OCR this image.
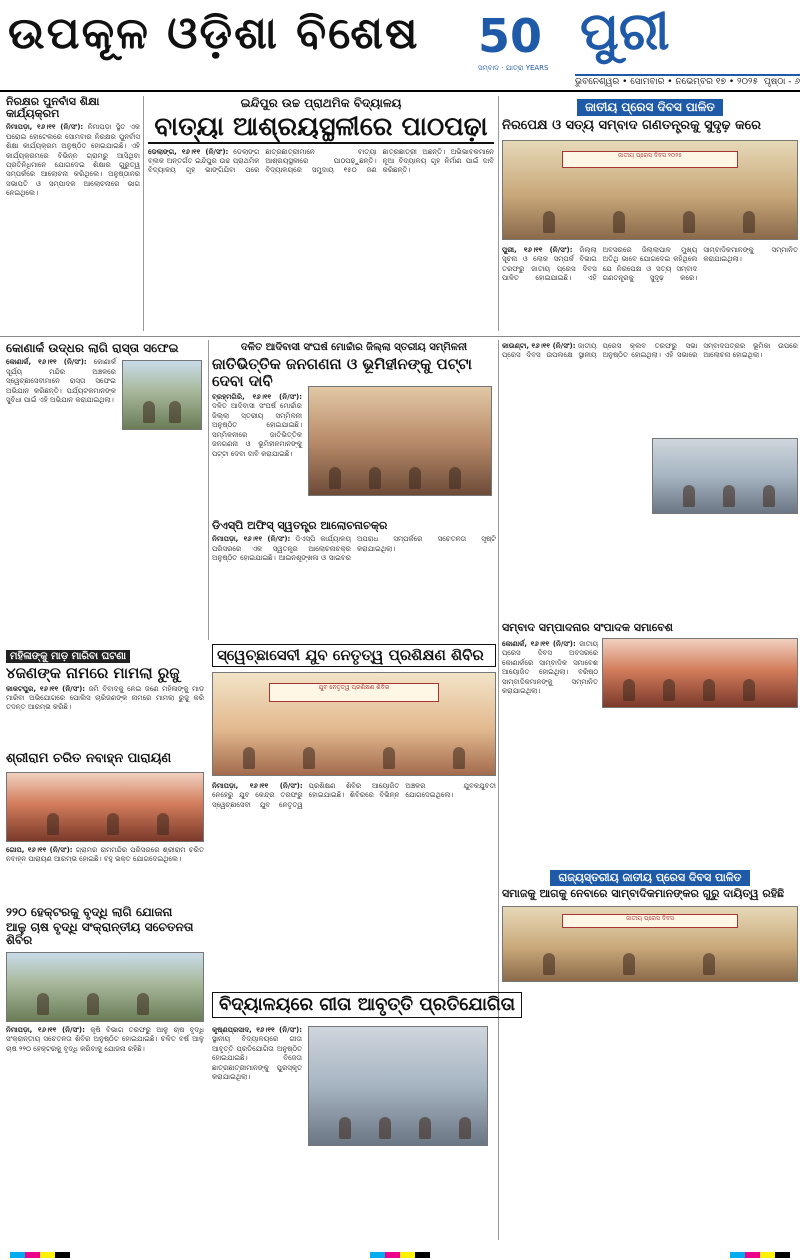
ଉପକୂଳ ଓଡ଼ିଶା ବିଶେଷ 50
ସମ୍ବାଦ · ଯାତ୍ରା YEARS
ପୁରୀ
ଭୁବନେଶ୍ୱର • ସୋମବାର • ନଭେମ୍ବର ୧୭ • ୨୦୨୫ ପୃଷ୍ଠା - ୬
ନିରକ୍ଷର ପୁନର୍ବାସ ଶିକ୍ଷା କାର୍ଯ୍ୟକ୍ରମ
ନିମାପଡ଼ା, ୧୬।୧୧ (ନି/ସଂ): ନିମାପଡ଼ା ସ୍ଥିତ ଏକ ଘରୋଇ ହୋଟେଲରେ ସୋମବାର ନିରକ୍ଷର ପୁନର୍ବାସ ଶିକ୍ଷା କାର୍ଯ୍ୟକ୍ରମ ଅନୁଷ୍ଠିତ ହୋଇଯାଇଛି। ଏହି କାର୍ଯ୍ୟକ୍ରମରେ ବିଭିନ୍ନ ଗ୍ରାମରୁ ଆସିଥିବା ପ୍ରତିନିଧିମାନେ ଯୋଗଦେଇ ଶିକ୍ଷାର ଗୁରୁତ୍ୱ ସମ୍ପର୍କରେ ଆଲୋଚନା କରିଥିଲେ। ଅନୁଷ୍ଠାନର ସଭାପତି ଓ ସମ୍ପାଦକ ଆଲୋଚନାରେ ଭାଗ ନେଇଥିଲେ।
ଇନ୍ଦିପୁର ଉଚ୍ଚ ପ୍ରାଥମିକ ବିଦ୍ୟାଳୟ
ବାତ୍ୟା ଆଶ୍ରୟସ୍ଥଳୀରେ ପାଠପଢ଼ା
ଡେଲାଙ୍ଗ, ୧୬।୧୧ (ନି/ସଂ): ଡେଲାଙ୍ଗ ବ୍ଲକ ଅନ୍ତର୍ଗତ ଇନ୍ଦିପୁର ଉଚ୍ଚ ପ୍ରାଥମିକ ବିଦ୍ୟାଳୟ ଗୃହ ଭାଙ୍ଗିଯିବା ପରେ ଛାତ୍ରଛାତ୍ରୀମାନେ ବାତ୍ୟା ଆଶ୍ରୟସ୍ଥଳୀରେ ପାଠପଢ଼ୁଛନ୍ତି। ବିଦ୍ୟାଳୟରେ ସମୁଦାୟ ୧୫୦ ଜଣ ଛାତ୍ରଛାତ୍ରୀ ଅଛନ୍ତି। ଅଭିଭାବକମାନେ ନୂଆ ବିଦ୍ୟାଳୟ ଗୃହ ନିର୍ମାଣ ପାଇଁ ଦାବି କରିଛନ୍ତି।
ଜାତୀୟ ପ୍ରେସ ଦିବସ ପାଳିତ
ନିରପେକ୍ଷ ଓ ସତ୍ୟ ସମ୍ବାଦ ଗଣତନ୍ତ୍ରକୁ ସୁଦୃଢ଼ କରେ
ଜାତୀୟ ପ୍ରେସ ଦିବସ ୨୦୨୫
ପୁରୀ, ୧୬।୧୧ (ନି/ସଂ): ଜିଲ୍ଲା ସୂଚନା ଓ ଲୋକ ସମ୍ପର୍କ ବିଭାଗ ତରଫରୁ ଜାତୀୟ ପ୍ରେସ ଦିବସ ପାଳିତ ହୋଇଯାଇଛି। ଏହି ଅବସରରେ ଜିଲ୍ଲାପାଳ ମୁଖ୍ୟ ଅତିଥି ଭାବେ ଯୋଗଦେଇ କହିଥିଲେ ଯେ ନିରପେକ୍ଷ ଓ ସତ୍ୟ ସମ୍ବାଦ ଗଣତନ୍ତ୍ରକୁ ସୁଦୃଢ଼ କରେ। ସାମ୍ବାଦିକମାନଙ୍କୁ ସମ୍ମାନିତ କରାଯାଇଥିଲା।
କୋଣାର୍କ ଉଦ୍ଧର ଲାଗି ରାସ୍ତା ସଫେଇ
କୋଣାର୍କ, ୧୬।୧୧ (ନି/ସଂ): କୋଣାର୍କ ସୂର୍ଯ୍ୟ ମନ୍ଦିର ଅଞ୍ଚଳରେ ସ୍ୱେଚ୍ଛାସେବୀମାନେ ରାସ୍ତା ସଫେଇ ଅଭିଯାନ କରିଛନ୍ତି। ପର୍ଯ୍ୟଟକମାନଙ୍କ ସୁବିଧା ପାଇଁ ଏହି ଅଭିଯାନ କରାଯାଇଥିଲା।
ଦଳିତ ଆଦିବାସୀ ସଂଘର୍ଷ ମୋର୍ଚ୍ଚାର ଜିଲ୍ଲା ସ୍ତରୀୟ ସମ୍ମିଳନୀ
ଜାତିଭିତ୍ତିକ ଜନଗଣନା ଓ ଭୂମିହୀନଙ୍କୁ ପଟ୍ଟା ଦେବା ଦାବି
ବ୍ରହ୍ମଗିରି, ୧୬।୧୧ (ନି/ସଂ): ଦଳିତ ଆଦିବାସୀ ସଂଘର୍ଷ ମୋର୍ଚ୍ଚାର ଜିଲ୍ଲା ସ୍ତରୀୟ ସମ୍ମିଳନୀ ଅନୁଷ୍ଠିତ ହୋଇଯାଇଛି। ସମ୍ମିଳନୀରେ ଜାତିଭିତ୍ତିକ ଜନଗଣନା ଓ ଭୂମିହୀନମାନଙ୍କୁ ପଟ୍ଟା ଦେବା ଦାବି କରାଯାଇଛି।
ଡିଏସ୍ପି ଅଫିସ୍ ସ୍ୱତନ୍ତ୍ର ଆଲୋଚନାଚକ୍ର
ନିମାପଡ଼ା, ୧୬।୧୧ (ନି/ସଂ): ଡିଏସ୍ପି କାର୍ଯ୍ୟାଳୟ ପରିସରରେ ଏକ ସ୍ୱତନ୍ତ୍ର ଆଲୋଚନାଚକ୍ର ଅନୁଷ୍ଠିତ ହୋଇଯାଇଛି। ଆଇନଶୃଙ୍ଖଳା ଓ ସାଇବର ଅପରାଧ ସମ୍ପର୍କରେ ସଚେତନତା ସୃଷ୍ଟି କରାଯାଇଥିଲା।
କାଉଣ୍ଟା, ୧୬।୧୧ (ନି/ସଂ): ଜାତୀୟ ପ୍ରେସ ଦିବସ ଉପଲକ୍ଷେ ସ୍ଥାନୀୟ ପ୍ରେସ କ୍ଲବ ତରଫରୁ ସଭା ଅନୁଷ୍ଠିତ ହୋଇଥିଲା। ଏହି ସଭାରେ ସମ୍ବାଦପତ୍ରର ଭୂମିକା ଉପରେ ଆଲୋଚନା ହୋଇଥିଲା।
ସମ୍ବାଦ ସମ୍ପାଦନାର ସଂପାଦକ ସମାବେଶ
କୋଣାର୍କ, ୧୬।୧୧ (ନି/ସଂ): ଜାତୀୟ ପ୍ରେସ ଦିବସ ଅବସରରେ କୋଣାର୍କରେ ସାମ୍ବାଦିକ ସମାବେଶ ଆୟୋଜିତ ହୋଇଥିଲା। ବରିଷ୍ଠ ସାମ୍ବାଦିକମାନଙ୍କୁ ସମ୍ମାନିତ କରାଯାଇଥିଲା।
ମହିଳାଙ୍କୁ ମାଡ଼ ମାରିବା ଘଟଣା
୪ଜଣଙ୍କ ନାମରେ ମାମଲା ରୁଜୁ
କାକଟପୁର, ୧୬।୧୧ (ନି/ସଂ): ଜମି ବିବାଦକୁ ନେଇ ଜଣେ ମହିଳାଙ୍କୁ ମାଡ଼ ମାରିବା ଅଭିଯୋଗରେ ପୋଲିସ ଚାରିଜଣଙ୍କ ନାମରେ ମାମଲା ରୁଜୁ କରି ତଦନ୍ତ ଆରମ୍ଭ କରିଛି।
ସ୍ୱେଚ୍ଛାସେବୀ ଯୁବ ନେତୃତ୍ୱ ପ୍ରଶିକ୍ଷଣ ଶିବିର
ଯୁବ ନେତୃତ୍ୱ ପ୍ରଶିକ୍ଷଣ ଶିବିର
ନିମାପଡ଼ା, ୧୬।୧୧ (ନି/ସଂ): ନେହେରୁ ଯୁବ କେନ୍ଦ୍ର ତରଫରୁ ସ୍ୱେଚ୍ଛାସେବୀ ଯୁବ ନେତୃତ୍ୱ ପ୍ରଶିକ୍ଷଣ ଶିବିର ଆୟୋଜିତ ହୋଇଯାଇଛି। ଶିବିରରେ ବିଭିନ୍ନ ଅଞ୍ଚଳର ଯୁବକଯୁବତୀ ଯୋଗଦେଇଥିଲେ।
ଶ୍ରୀରାମ ଚରିତ ନବାହ୍ନ ପାରାୟଣ
ଗୋପ, ୧୬।୧୧ (ନି/ସଂ): ଗ୍ରାମର ରାମମନ୍ଦିର ପରିସରରେ ଶ୍ରୀରାମ ଚରିତ ନବାହ୍ନ ପାରାୟଣ ଆରମ୍ଭ ହୋଇଛି। ବହୁ ଭକ୍ତ ଯୋଗଦେଇଥିଲେ।
ରାଜ୍ୟସ୍ତରୀୟ ଜାତୀୟ ପ୍ରେସ ଦିବସ ପାଳିତ
ସମାଜକୁ ଆଗକୁ ନେବାରେ ସାମ୍ବାଦିକମାନଙ୍କର ଗୁରୁ ଦାୟିତ୍ୱ ରହିଛି
ଜାତୀୟ ପ୍ରେସ ଦିବସ
୨୨୦ ହେକ୍ଟରକୁ ବୃଦ୍ଧି ଲାଗି ଯୋଜନା
ଆଳୁ ଚାଷ ବୃଦ୍ଧି ସଂକ୍ରାନ୍ତୀୟ ସଚେତନତା ଶିବିର
ନିମାପଡ଼ା, ୧୬।୧୧ (ନି/ସଂ): କୃଷି ବିଭାଗ ତରଫରୁ ଆଳୁ ଚାଷ ବୃଦ୍ଧି ସଂକ୍ରାନ୍ତୀୟ ସଚେତନତା ଶିବିର ଅନୁଷ୍ଠିତ ହୋଇଯାଇଛି। ଚଳିତ ବର୍ଷ ଆଳୁ ଚାଷ ୨୨୦ ହେକ୍ଟରକୁ ବୃଦ୍ଧି କରିବାକୁ ଯୋଜନା ରହିଛି।
ବିଦ୍ୟାଳୟରେ ଗୀତା ଆବୃତ୍ତି ପ୍ରତିଯୋଗିତା
କୃଷ୍ଣପ୍ରସାଦ, ୧୬।୧୧ (ନି/ସଂ): ସ୍ଥାନୀୟ ବିଦ୍ୟାଳୟରେ ଗୀତା ଆବୃତ୍ତି ପ୍ରତିଯୋଗିତା ଅନୁଷ୍ଠିତ ହୋଇଯାଇଛି। ବିଜେତା ଛାତ୍ରଛାତ୍ରୀମାନଙ୍କୁ ପୁରସ୍କୃତ କରାଯାଇଥିଲା।
